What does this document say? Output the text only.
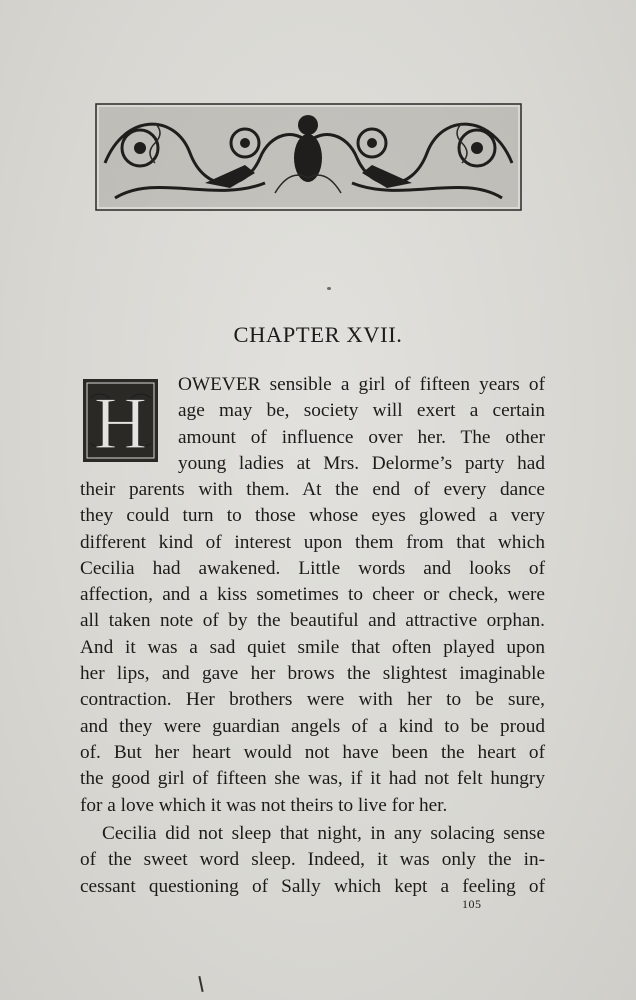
CHAPTER XVII.
H OWEVER sensible a girl of fifteen years of
age may be, society will exert a certain
amount of influence over her. The other
young ladies at Mrs. Delorme’s party had
their parents with them. At the end of every dance
they could turn to those whose eyes glowed a very
different kind of interest upon them from that which
Cecilia had awakened. Little words and looks of
affection, and a kiss sometimes to cheer or check, were
all taken note of by the beautiful and attractive orphan.
And it was a sad quiet smile that often played upon
her lips, and gave her brows the slightest imaginable
contraction. Her brothers were with her to be sure,
and they were guardian angels of a kind to be proud
of. But her heart would not have been the heart of
the good girl of fifteen she was, if it had not felt hungry
for a love which it was not theirs to live for her.
Cecilia did not sleep that night, in any solacing sense
of the sweet word sleep. Indeed, it was only the in-
cessant questioning of Sally which kept a feeling of
105
